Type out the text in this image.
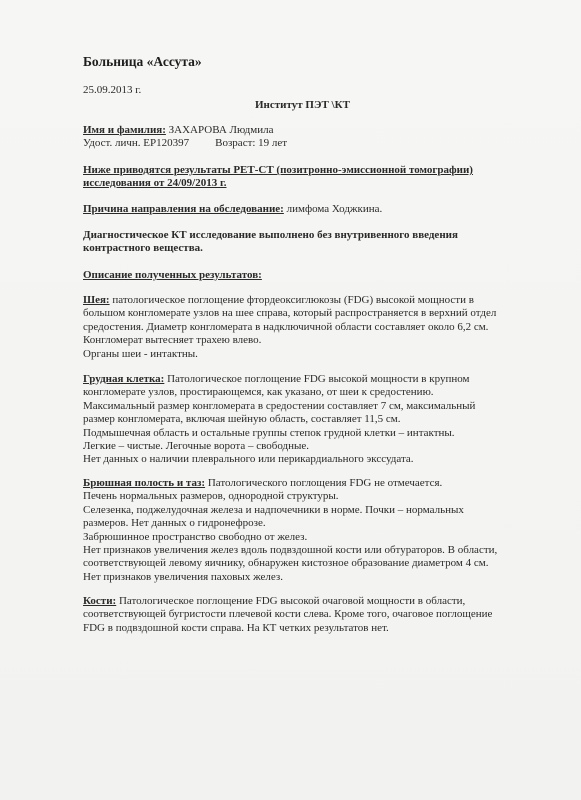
Больница «Ассута»
25.09.2013 г.
Институт ПЭТ \КТ
Имя и фамилия: ЗАХАРОВА Людмила
Удост. личн. ЕР120397 Возраст: 19 лет
Ниже приводятся результаты РЕТ-СТ (позитронно-эмиссионной томографии)
исследования от 24/09/2013 г.
Причина направления на обследование: лимфома Ходжкина.
Диагностическое КТ исследование выполнено без внутривенного введения
контрастного вещества.
Описание полученных результатов:
Шея: патологическое поглощение фтордеоксиглюкозы (FDG) высокой мощности в
большом конгломерате узлов на шее справа, который распространяется в верхний отдел
средостения. Диаметр конгломерата в надключичной области составляет около 6,2 см.
Конгломерат вытесняет трахею влево.
Органы шеи - интактны.
Грудная клетка: Патологическое поглощение FDG высокой мощности в крупном
конгломерате узлов, простирающемся, как указано, от шеи к средостению.
Максимальный размер конгломерата в средостении составляет 7 см, максимальный
размер конгломерата, включая шейную область, составляет 11,5 см.
Подмышечная область и остальные группы степок грудной клетки – интактны.
Легкие – чистые. Легочные ворота – свободные.
Нет данных о наличии плеврального или перикардиального экссудата.
Брюшная полость и таз: Патологического поглощения FDG не отмечается.
Печень нормальных размеров, однородной структуры.
Селезенка, поджелудочная железа и надпочечники в норме. Почки – нормальных
размеров. Нет данных о гидронефрозе.
Забрюшинное пространство свободно от желез.
Нет признаков увеличения желез вдоль подвздошной кости или обтураторов. В области,
соответствующей левому яичнику, обнаружен кистозное образование диаметром 4 см.
Нет признаков увеличения паховых желез.
Кости: Патологическое поглощение FDG высокой очаговой мощности в области,
соответствующей бугристости плечевой кости слева. Кроме того, очаговое поглощение
FDG в подвздошной кости справа. На КТ четких результатов нет.
